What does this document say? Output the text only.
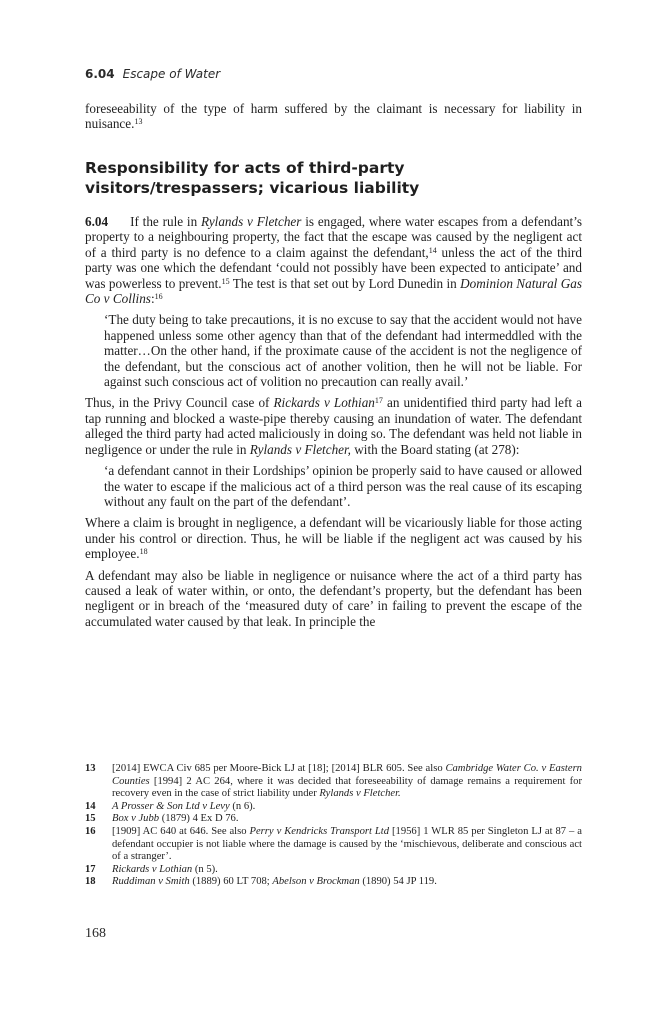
6.04 Escape of Water

foreseeability of the type of harm suffered by the claimant is necessary for liability in nuisance.$^{13}$

Responsibility for acts of third-party visitors/trespassers; vicarious liability

6.04 If the rule in Rylands v Fletcher is engaged, where water escapes from a defendant’s property to a neighbouring property, the fact that the escape was caused by the negligent act of a third party is no defence to a claim against the defendant,$^{14}$ unless the act of the third party was one which the defendant ‘could not possibly have been expected to anticipate’ and was powerless to prevent.$^{15}$ The test is that set out by Lord Dunedin in Dominion Natural Gas Co v Collins:$^{16}$

‘The duty being to take precautions, it is no excuse to say that the accident would not have happened unless some other agency than that of the defendant had intermeddled with the matter…On the other hand, if the proximate cause of the accident is not the negligence of the defendant, but the conscious act of another volition, then he will not be liable. For against such conscious act of volition no precaution can really avail.’

Thus, in the Privy Council case of Rickards v Lothian$^{17}$ an unidentified third party had left a tap running and blocked a waste-pipe thereby causing an inundation of water. The defendant alleged the third party had acted maliciously in doing so. The defendant was held not liable in negligence or under the rule in Rylands v Fletcher, with the Board stating (at 278):

‘a defendant cannot in their Lordships’ opinion be properly said to have caused or allowed the water to escape if the malicious act of a third person was the real cause of its escaping without any fault on the part of the defendant’.

Where a claim is brought in negligence, a defendant will be vicariously liable for those acting under his control or direction. Thus, he will be liable if the negligent act was caused by his employee.$^{18}$

A defendant may also be liable in negligence or nuisance where the act of a third party has caused a leak of water within, or onto, the defendant’s property, but the defendant has been negligent or in breach of the ‘measured duty of care’ in failing to prevent the escape of the accumulated water caused by that leak. In principle the

13	[2014] EWCA Civ 685 per Moore-Bick LJ at [18]; [2014] BLR 605. See also Cambridge Water Co. v Eastern Counties [1994] 2 AC 264, where it was decided that foreseeability of damage remains a requirement for recovery even in the case of strict liability under Rylands v Fletcher.
14	A Prosser & Son Ltd v Levy (n 6).
15	Box v Jubb (1879) 4 Ex D 76.
16	[1909] AC 640 at 646. See also Perry v Kendricks Transport Ltd [1956] 1 WLR 85 per Singleton LJ at 87 – a defendant occupier is not liable where the damage is caused by the ‘mischievous, deliberate and conscious act of a stranger’.
17	Rickards v Lothian (n 5).
18	Ruddiman v Smith (1889) 60 LT 708; Abelson v Brockman (1890) 54 JP 119.
168
